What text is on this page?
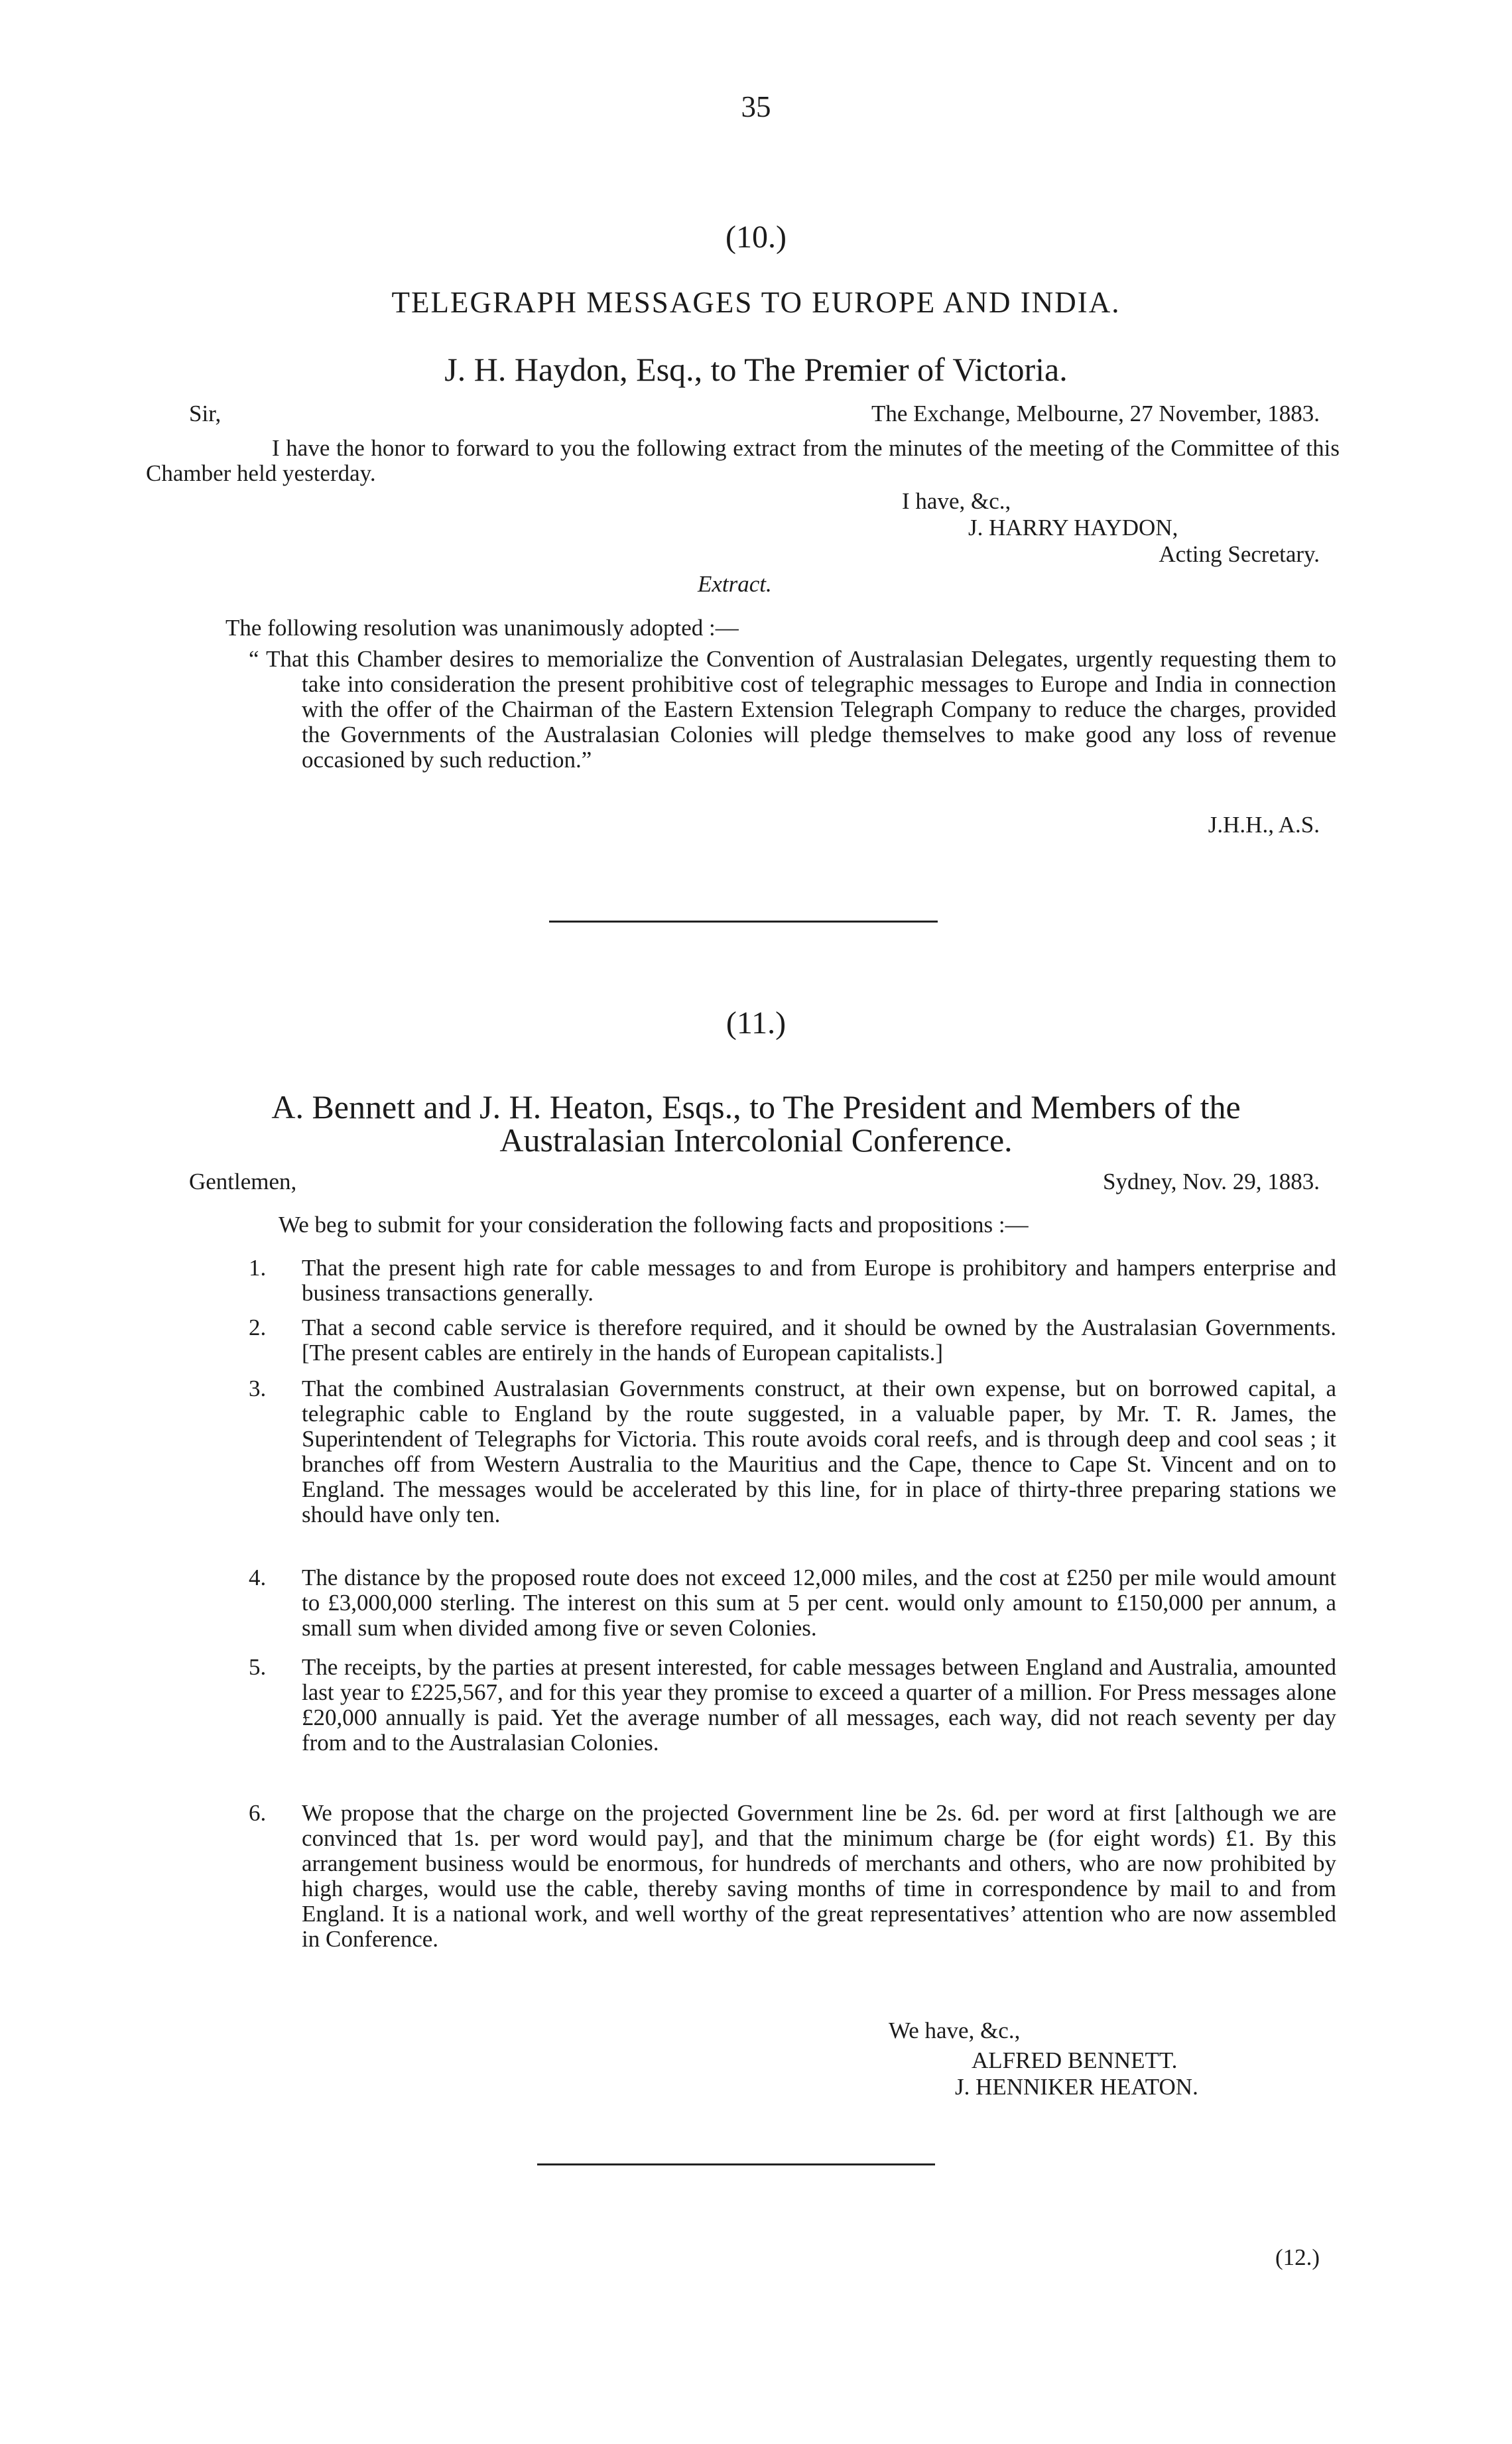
35
(10.)
TELEGRAPH MESSAGES TO EUROPE AND INDIA.
J. H. Haydon, Esq., to The Premier of Victoria.
Sir,	The Exchange, Melbourne, 27 November, 1883.
I have the honor to forward to you the following extract from the minutes of the meeting of the Committee of this Chamber held yesterday.
I have, &c.,
J. HARRY HAYDON,
Acting Secretary.
Extract.
The following resolution was unanimously adopted :—
“ That this Chamber desires to memorialize the Convention of Australasian Delegates, urgently requesting them to take into consideration the present prohibitive cost of telegraphic messages to Europe and India in connection with the offer of the Chairman of the Eastern Extension Telegraph Company to reduce the charges, provided the Governments of the Australasian Colonies will pledge themselves to make good any loss of revenue occasioned by such reduction.”
J.H.H., A.S.
(11.)
A. Bennett and J. H. Heaton, Esqs., to The President and Members of the
Australasian Intercolonial Conference.
Gentlemen,	Sydney, Nov. 29, 1883.
We beg to submit for your consideration the following facts and propositions :—
1. That the present high rate for cable messages to and from Europe is prohibitory and hampers enterprise and business transactions generally.
2. That a second cable service is therefore required, and it should be owned by the Australasian Governments. [The present cables are entirely in the hands of European capitalists.]
3. That the combined Australasian Governments construct, at their own expense, but on borrowed capital, a telegraphic cable to England by the route suggested, in a valuable paper, by Mr. T. R. James, the Superintendent of Telegraphs for Victoria. This route avoids coral reefs, and is through deep and cool seas ; it branches off from Western Australia to the Mauritius and the Cape, thence to Cape St. Vincent and on to England. The messages would be accelerated by this line, for in place of thirty-three preparing stations we should have only ten.
4. The distance by the proposed route does not exceed 12,000 miles, and the cost at £250 per mile would amount to £3,000,000 sterling. The interest on this sum at 5 per cent. would only amount to £150,000 per annum, a small sum when divided among five or seven Colonies.
5. The receipts, by the parties at present interested, for cable messages between England and Australia, amounted last year to £225,567, and for this year they promise to exceed a quarter of a million. For Press messages alone £20,000 annually is paid. Yet the average number of all messages, each way, did not reach seventy per day from and to the Australasian Colonies.
6. We propose that the charge on the projected Government line be 2s. 6d. per word at first [although we are convinced that 1s. per word would pay], and that the minimum charge be (for eight words) £1. By this arrangement business would be enormous, for hundreds of merchants and others, who are now prohibited by high charges, would use the cable, thereby saving months of time in correspondence by mail to and from England. It is a national work, and well worthy of the great representatives’ attention who are now assembled in Conference.
We have, &c.,
ALFRED BENNETT.
J. HENNIKER HEATON.
(12.)
